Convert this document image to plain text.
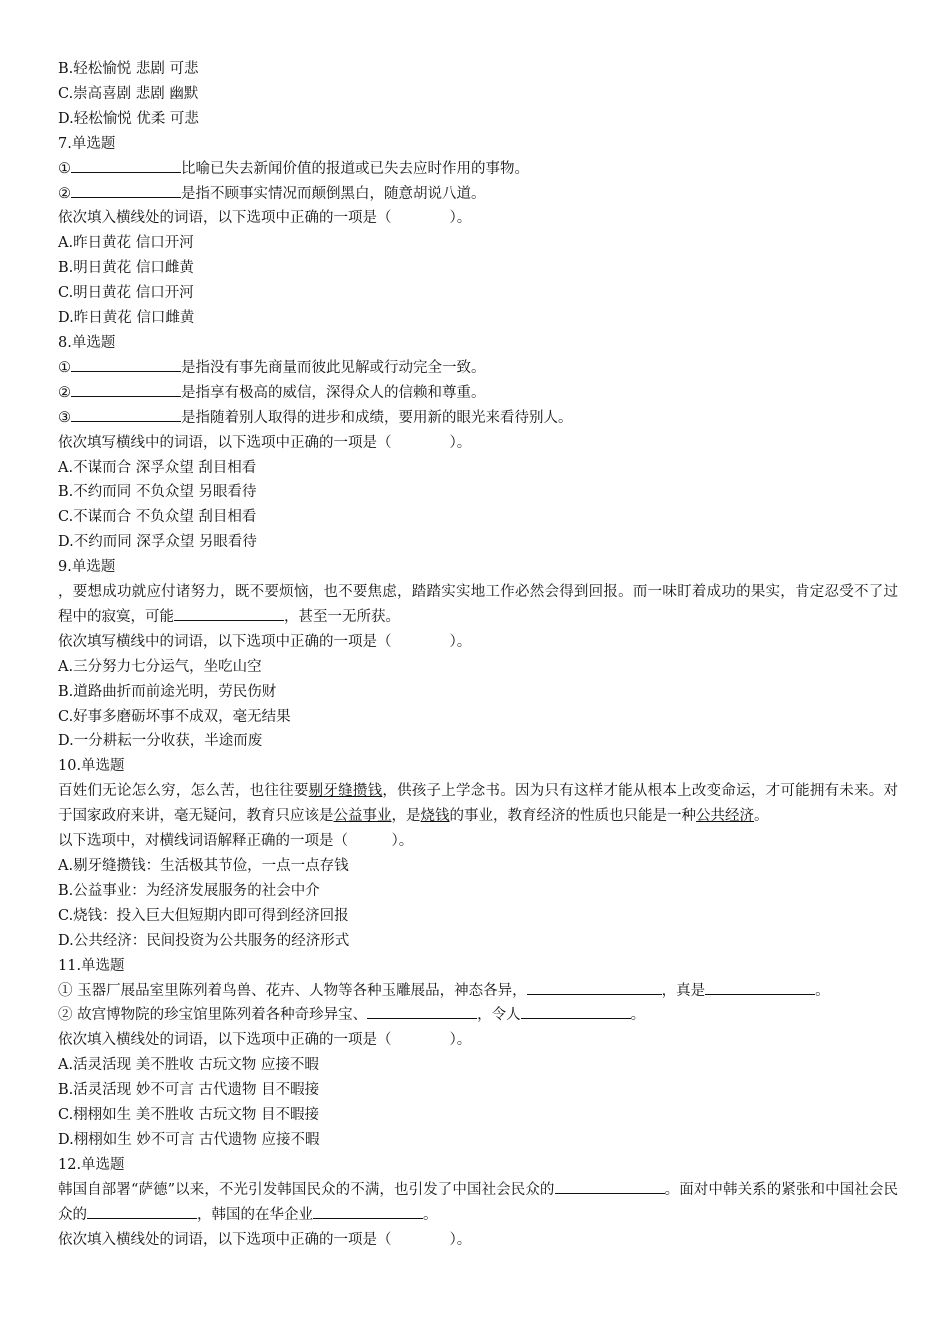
B.轻松愉悦 悲剧 可悲
C.崇高喜剧 悲剧 幽默
D.轻松愉悦 优柔 可悲
7.单选题
①	比喻已失去新闻价值的报道或已失去应时作用的事物。
②	是指不顾事实情况而颠倒黑白，随意胡说八道。
依次填入横线处的词语，以下选项中正确的一项是（　　　　）。
A.昨日黄花 信口开河
B.明日黄花 信口雌黄
C.明日黄花 信口开河
D.昨日黄花 信口雌黄
8.单选题
①	是指没有事先商量而彼此见解或行动完全一致。
②	是指享有极高的威信，深得众人的信赖和尊重。
③	是指随着别人取得的进步和成绩，要用新的眼光来看待别人。
依次填写横线中的词语，以下选项中正确的一项是（　　　　）。
A.不谋而合 深孚众望 刮目相看
B.不约而同 不负众望 另眼看待
C.不谋而合 不负众望 刮目相看
D.不约而同 深孚众望 另眼看待
9.单选题
，要想成功就应付诸努力，既不要烦恼，也不要焦虑，踏踏实实地工作必然会得到回报。而一味盯着成功的果实，肯定忍受不了过程中的寂寞，可能	，甚至一无所获。
依次填写横线中的词语，以下选项中正确的一项是（　　　　）。
A.三分努力七分运气，坐吃山空
B.道路曲折而前途光明，劳民伤财
C.好事多磨砺坏事不成双，毫无结果
D.一分耕耘一分收获，半途而废
10.单选题
百姓们无论怎么穷，怎么苦，也往往要剔牙缝攒钱，供孩子上学念书。因为只有这样才能从根本上改变命运，才可能拥有未来。对于国家政府来讲，毫无疑问，教育只应该是公益事业，是烧钱的事业，教育经济的性质也只能是一种公共经济。
以下选项中，对横线词语解释正确的一项是（　　　）。
A.剔牙缝攒钱：生活极其节俭，一点一点存钱
B.公益事业：为经济发展服务的社会中介
C.烧钱：投入巨大但短期内即可得到经济回报
D.公共经济：民间投资为公共服务的经济形式
11.单选题
① 玉器厂展品室里陈列着鸟兽、花卉、人物等各种玉雕展品，神态各异，	，真是	。
② 故宫博物院的珍宝馆里陈列着各种奇珍异宝、	，令人	。
依次填入横线处的词语，以下选项中正确的一项是（　　　　）。
A.活灵活现 美不胜收 古玩文物 应接不暇
B.活灵活现 妙不可言 古代遗物 目不暇接
C.栩栩如生 美不胜收 古玩文物 目不暇接
D.栩栩如生 妙不可言 古代遗物 应接不暇
12.单选题
韩国自部署“萨德”以来，不光引发韩国民众的不满，也引发了中国社会民众的	。面对中韩关系的紧张和中国社会民众的	，韩国的在华企业	。
依次填入横线处的词语，以下选项中正确的一项是（　　　　）。
